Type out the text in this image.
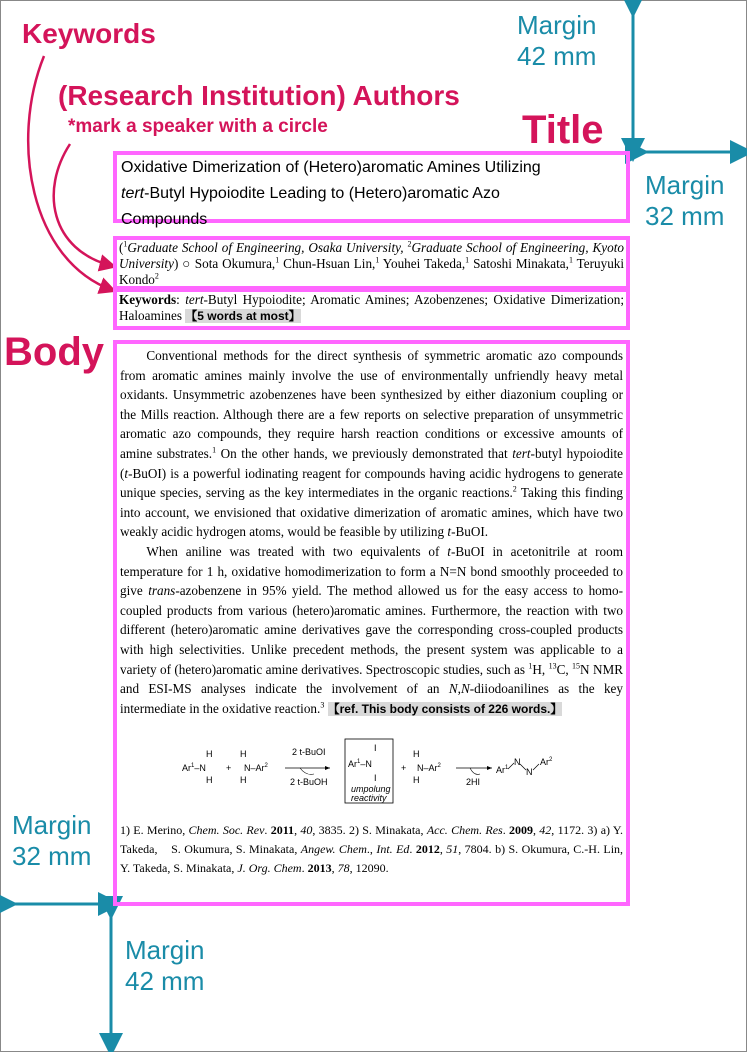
Keywords
(Research Institution) Authors
*mark a speaker with a circle	Title
Body
Margin
42 mm
Margin
32 mm
Margin
32 mm
Margin
42 mm
Oxidative Dimerization of (Hetero)aromatic Amines Utilizing
tert-Butyl Hypoiodite Leading to (Hetero)aromatic Azo
Compounds
($^1$Graduate School of Engineering, Osaka University, $^2$Graduate School of Engineering, Kyoto University) ○ Sota Okumura,$^1$ Chun-Hsuan Lin,$^1$ Youhei Takeda,$^1$ Satoshi Minakata,$^1$ Teruyuki Kondo$^2$
Keywords: tert-Butyl Hypoiodite; Aromatic Amines; Azobenzenes; Oxidative Dimerization; Haloamines 【5 words at most】

Conventional methods for the direct synthesis of symmetric aromatic azo compounds from aromatic amines mainly involve the use of environmentally unfriendly heavy metal oxidants. Unsymmetric azobenzenes have been synthesized by either diazonium coupling or the Mills reaction. Although there are a few reports on selective preparation of unsymmetric aromatic azo compounds, they require harsh reaction conditions or excessive amounts of amine substrates.$^1$ On the other hands, we previously demonstrated that tert-butyl hypoiodite (t-BuOI) is a powerful iodinating reagent for compounds having acidic hydrogens to generate unique species, serving as the key intermediates in the organic reactions.$^2$ Taking this finding into account, we envisioned that oxidative dimerization of aromatic amines, which have two weakly acidic hydrogen atoms, would be feasible by utilizing t-BuOI.

When aniline was treated with two equivalents of t-BuOI in acetonitrile at room temperature for 1 h, oxidative homodimerization to form a N=N bond smoothly proceeded to give trans-azobenzene in 95% yield. The method allowed us for the easy access to homo-coupled products from various (hetero)aromatic amines. Furthermore, the reaction with two different (hetero)aromatic amine derivatives gave the corresponding cross-coupled products with high selectivities. Unlike precedent methods, the present system was applicable to a variety of (hetero)aromatic amine derivatives. Spectroscopic studies, such as $^1$H, $^{13}$C, $^{15}$N NMR and ESI-MS analyses indicate the involvement of an N,N-diiodoanilines as the key intermediate in the oxidative reaction.$^3$ 【ref. This body consists of 226 words.】

Ar$^1$–N
H
H
+
H
N–Ar$^2$
H
2 t-BuOI
2 t-BuOH
I
Ar$^1$–N
I
umpolung
reactivity
+
H
N–Ar$^2$
H	2HI
Ar$^1$
N
N
Ar$^2$
1) E. Merino, Chem. Soc. Rev. 2011, 40, 3835. 2) S. Minakata, Acc. Chem. Res. 2009, 42, 1172. 3) a) Y. Takeda,    S. Okumura, S. Minakata, Angew. Chem., Int. Ed. 2012, 51, 7804. b) S. Okumura, C.-H. Lin, Y. Takeda, S. Minakata, J. Org. Chem. 2013, 78, 12090.
